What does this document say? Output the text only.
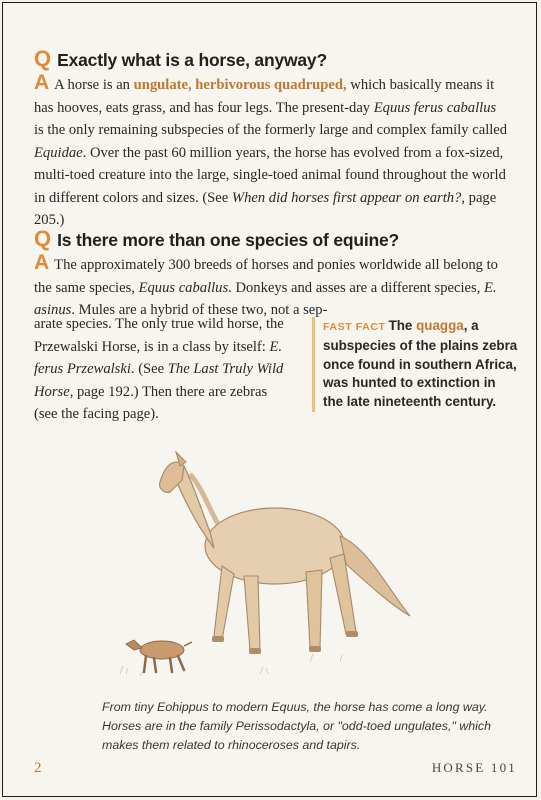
Q Exactly what is a horse, anyway?

A A horse is an ungulate, herbivorous quadruped, which basically means it has hooves, eats grass, and has four legs. The present-day Equus ferus caballus is the only remaining subspecies of the formerly large and complex family called Equidae. Over the past 60 million years, the horse has evolved from a fox-sized, multi-toed creature into the large, single-toed animal found throughout the world in different colors and sizes. (See When did horses first appear on earth?, page 205.)

Q Is there more than one species of equine?

A The approximately 300 breeds of horses and ponies worldwide all belong to the same species, Equus caballus. Donkeys and asses are a different species, E. asinus. Mules are a hybrid of these two, not a sep-

arate species. The only true wild horse, the Przewalski Horse, is in a class by itself: E. ferus Przewalski. (See The Last Truly Wild Horse, page 192.) Then there are zebras (see the facing page).
FAST FACT The quagga, a subspecies of the plains zebra once found in southern Africa, was hunted to extinction in the late nineteenth century.
From tiny Eohippus to modern Equus, the horse has come a long way. Horses are in the family Perissodactyla, or "odd-toed ungulates," which makes them related to rhinoceroses and tapirs.
2	HORSE 101
